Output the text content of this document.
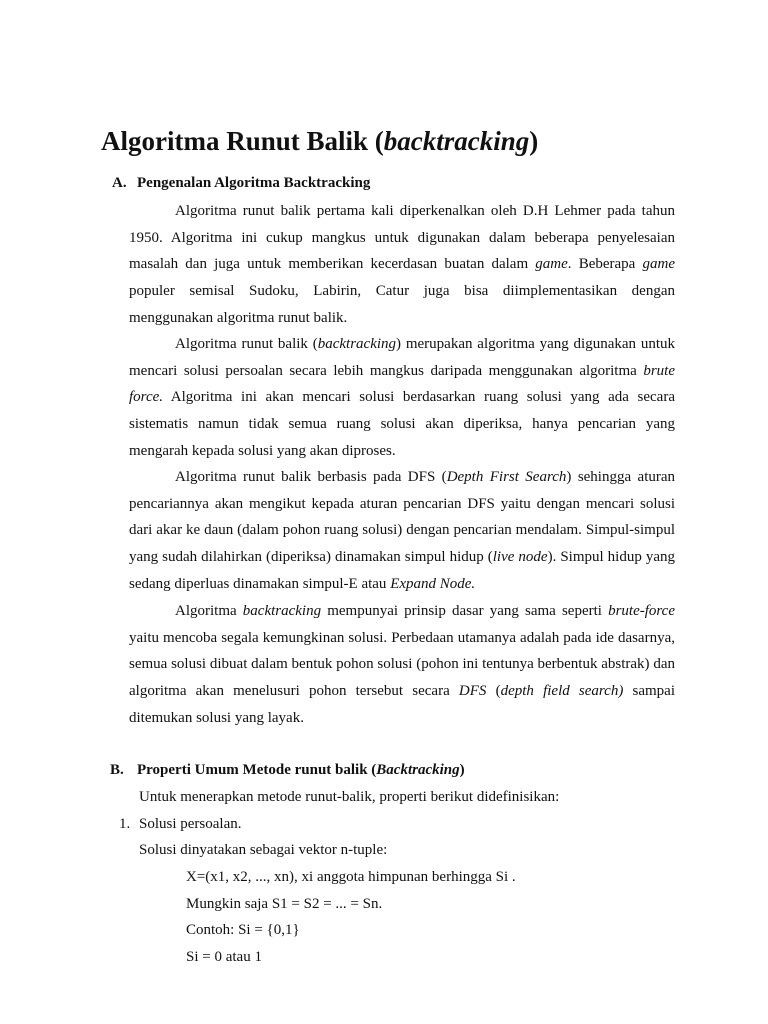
Algoritma Runut Balik (backtracking)
A. Pengenalan Algoritma Backtracking

Algoritma runut balik pertama kali diperkenalkan oleh D.H Lehmer pada tahun 1950. Algoritma ini cukup mangkus untuk digunakan dalam beberapa penyelesaian masalah dan juga untuk memberikan kecerdasan buatan dalam game. Beberapa game populer semisal Sudoku, Labirin, Catur juga bisa diimplementasikan dengan menggunakan algoritma runut balik.

Algoritma runut balik (backtracking) merupakan algoritma yang digunakan untuk mencari solusi persoalan secara lebih mangkus daripada menggunakan algoritma brute force. Algoritma ini akan mencari solusi berdasarkan ruang solusi yang ada secara sistematis namun tidak semua ruang solusi akan diperiksa, hanya pencarian yang mengarah kepada solusi yang akan diproses.

Algoritma runut balik berbasis pada DFS (Depth First Search) sehingga aturan pencariannya akan mengikut kepada aturan pencarian DFS yaitu dengan mencari solusi dari akar ke daun (dalam pohon ruang solusi) dengan pencarian mendalam. Simpul-simpul yang sudah dilahirkan (diperiksa) dinamakan simpul hidup (live node). Simpul hidup yang sedang diperluas dinamakan simpul-E atau Expand Node.

Algoritma backtracking mempunyai prinsip dasar yang sama seperti brute-force yaitu mencoba segala kemungkinan solusi. Perbedaan utamanya adalah pada ide dasarnya, semua solusi dibuat dalam bentuk pohon solusi (pohon ini tentunya berbentuk abstrak) dan algoritma akan menelusuri pohon tersebut secara DFS (depth field search) sampai ditemukan solusi yang layak.

B. Properti Umum Metode runut balik (Backtracking)
Untuk menerapkan metode runut-balik, properti berikut didefinisikan:
1. Solusi persoalan.
Solusi dinyatakan sebagai vektor n-tuple:
X=(x1, x2, ..., xn), xi anggota himpunan berhingga Si .
Mungkin saja S1 = S2 = ... = Sn.
Contoh: Si = {0,1}
Si = 0 atau 1
